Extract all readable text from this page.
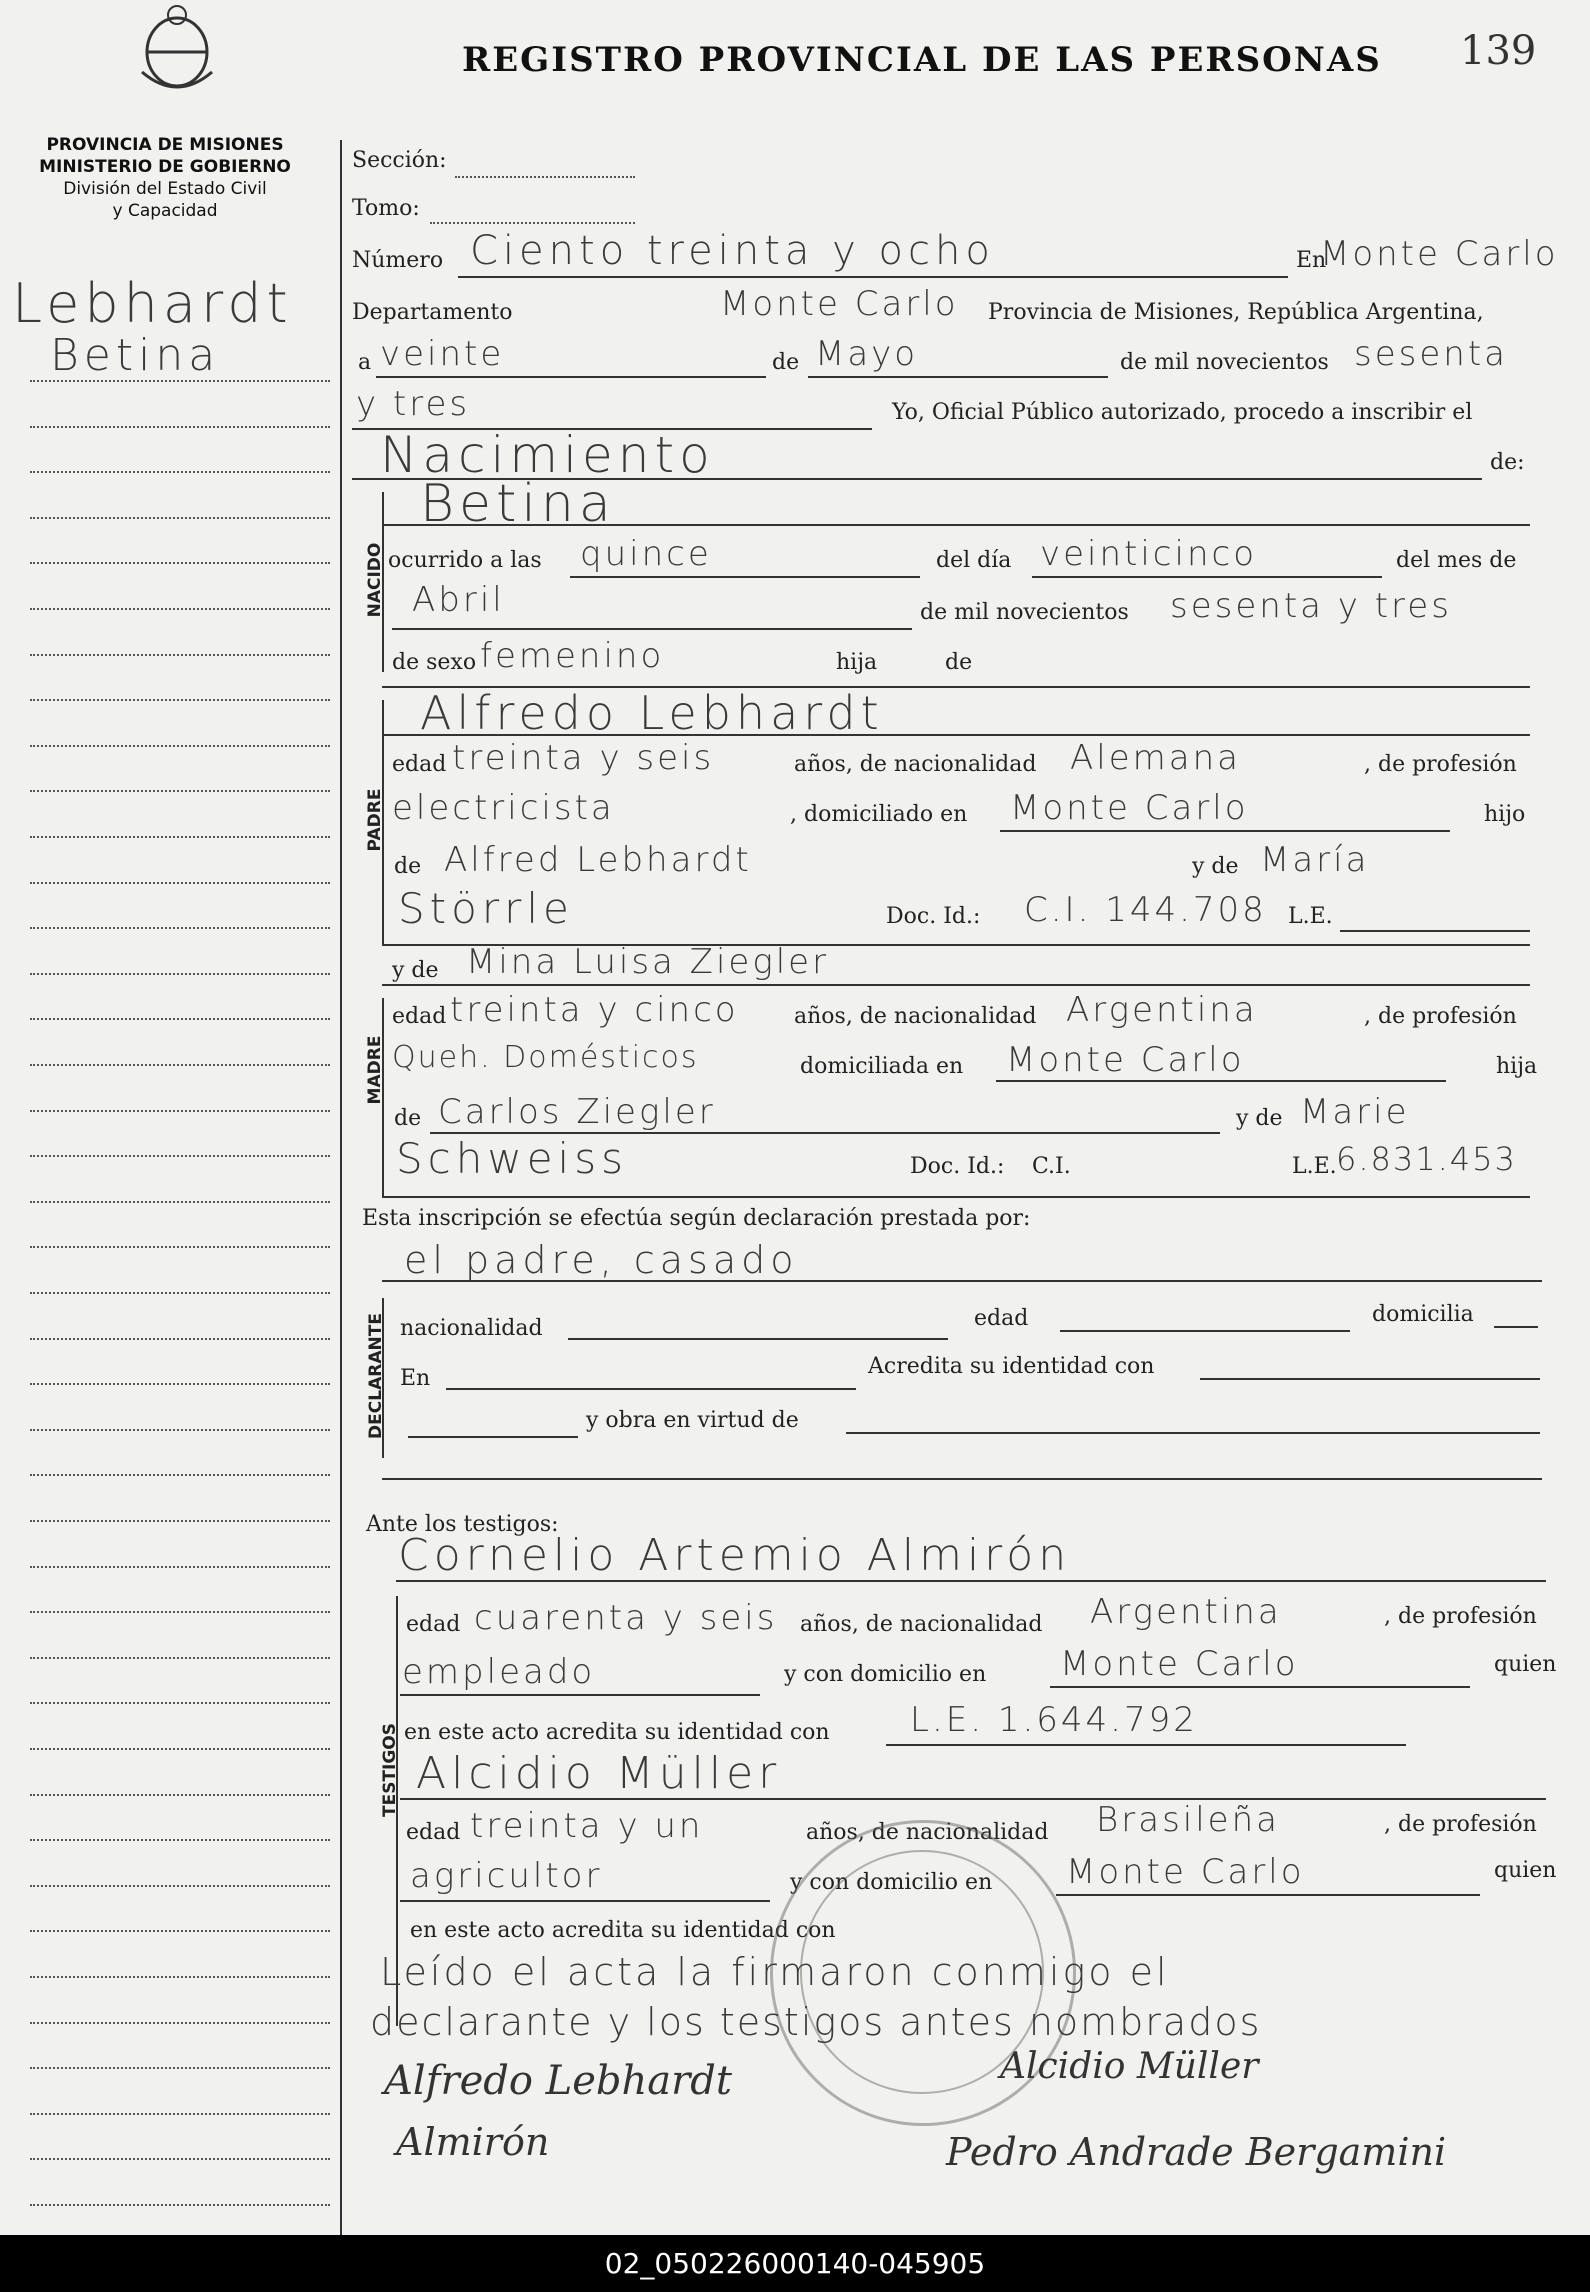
REGISTRO PROVINCIAL DE LAS PERSONAS 139
PROVINCIA DE MISIONES
MINISTERIO DE GOBIERNO
División del Estado Civil
y Capacidad
Lebhardt
Betina
Sección:
Tomo:
Número Ciento treinta y ocho	En
Monte Carlo
Departamento	Monte Carlo Provincia de Misiones, República Argentina,
a veinte	de Mayo	de mil novecientos sesenta
y tres	Yo, Oficial Público autorizado, procedo a inscribir el
Nacimiento	de:
NACIDO
Betina
ocurrido a las quince	del día veinticinco	del mes de
Abril	de mil novecientos sesenta y tres
de sexo femenino	hija	de
PADRE
Alfredo Lebhardt
edad treinta y seis	años, de nacionalidad Alemana	, de profesión
electricista	, domiciliado en Monte Carlo	hijo
de Alfred Lebhardt	y de María
Störrle	Doc. Id.: C.I. 144.708 L.E.
y de Mina Luisa Ziegler
MADRE
edad treinta y cinco	años, de nacionalidad Argentina	, de profesión
Queh. Domésticos	domiciliada en Monte Carlo	hija
de Carlos Ziegler	y de Marie
Schweiss	Doc. Id.: C.I.	L.E. 6.831.453
Esta inscripción se efectúa según declaración prestada por:
el padre, casado
DECLARANTE nacionalidad	edad	domicilia
En	Acredita su identidad con
y obra en virtud de
Ante los testigos:
Cornelio Artemio Almirón
TESTIGOS
edad cuarenta y seis años, de nacionalidad Argentina	, de profesión
empleado	y con domicilio en Monte Carlo	quien
en este acto acredita su identidad con L.E. 1.644.792
Alcidio Müller
edad treinta y un	años, de nacionalidad Brasileña	, de profesión
agricultor	y con domicilio en Monte Carlo	quien
en este acto acredita su identidad con
Leído el acta la firmaron conmigo el
declarante y los testigos antes nombrados
Alfredo Lebhardt	Alcidio Müller
Almirón	Pedro Andrade Bergamini
02_050226000140-045905
